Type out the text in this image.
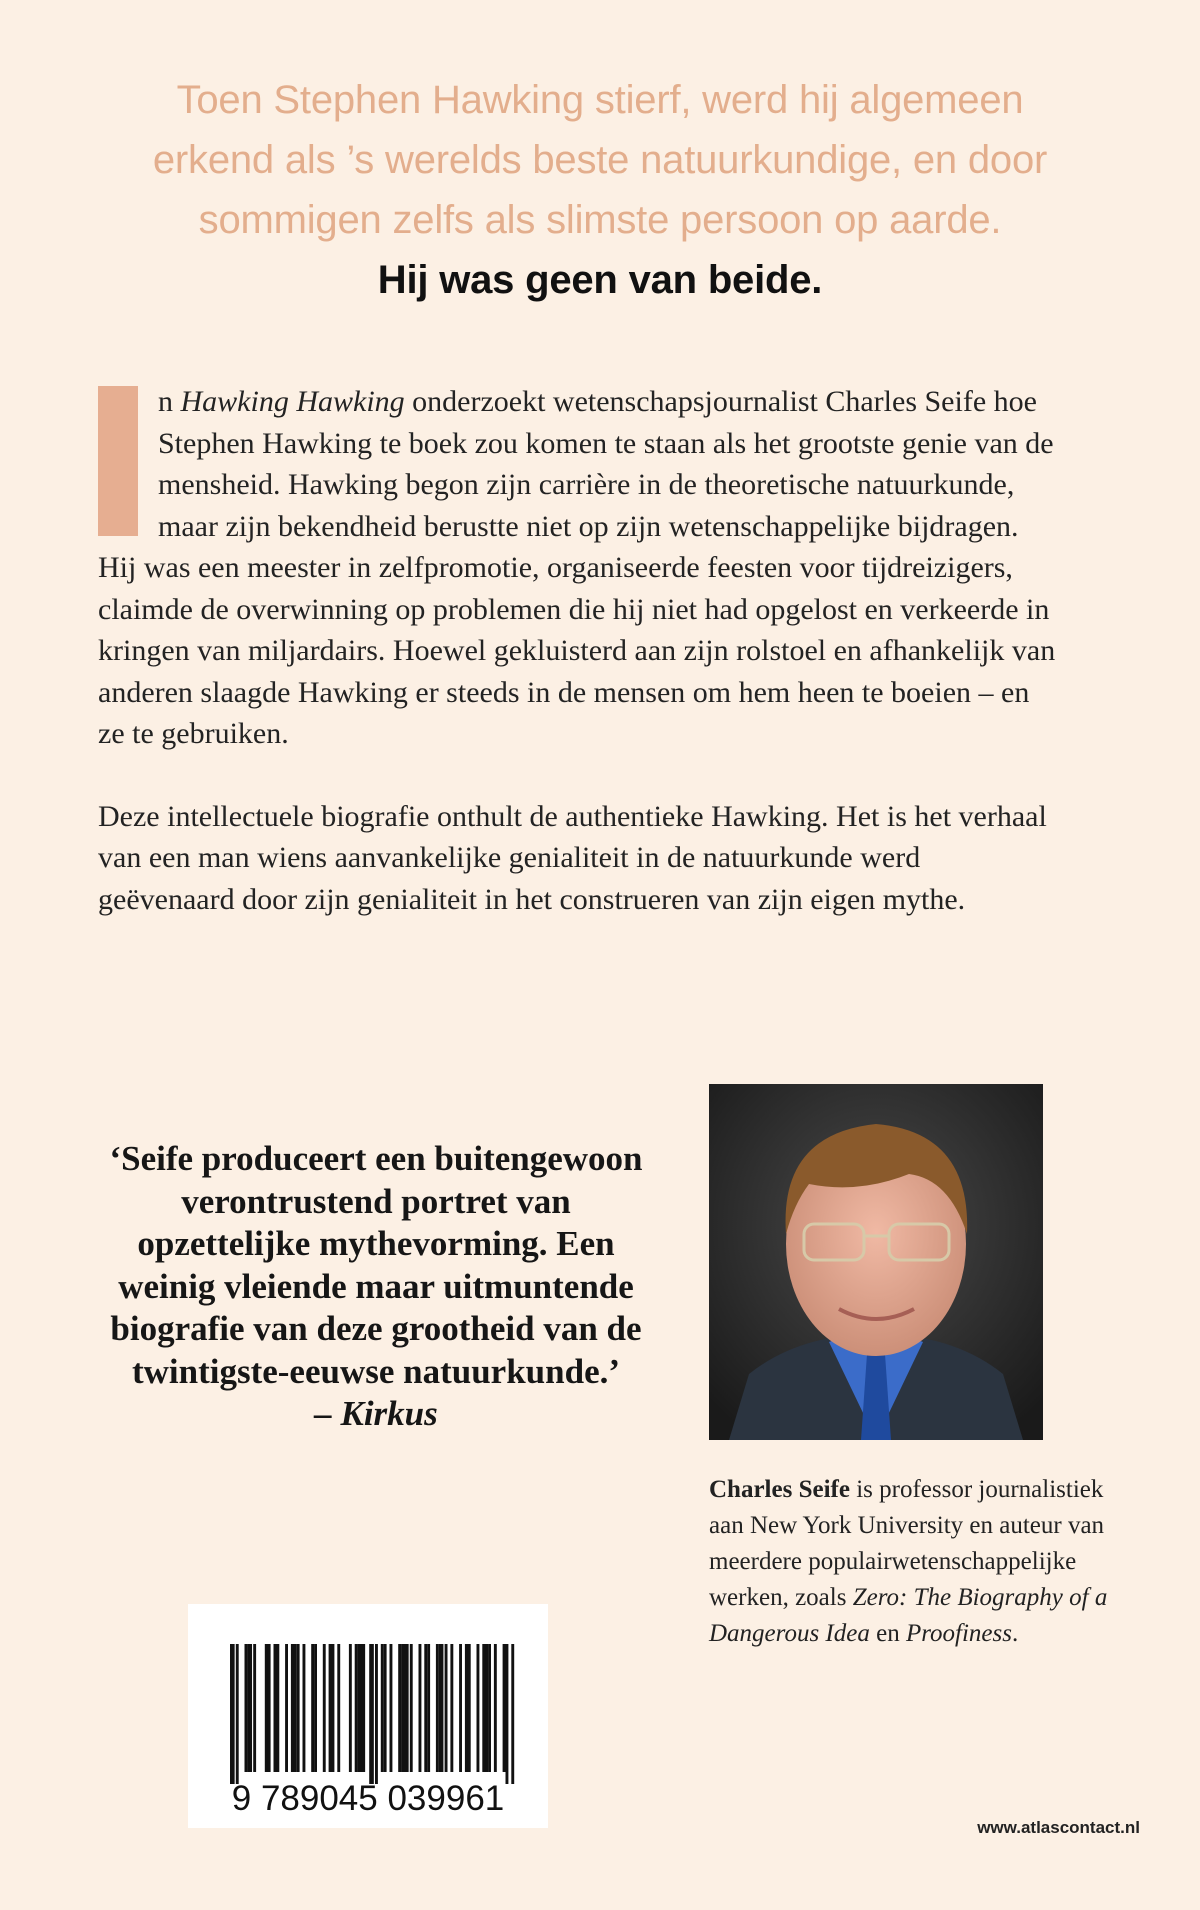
Toen Stephen Hawking stierf, werd hij algemeen
erkend als ’s werelds beste natuurkundige, en door
sommigen zelfs als slimste persoon op aarde.
Hij was geen van beide.

n Hawking Hawking onderzoekt wetenschapsjournalist Charles Seife hoe Stephen Hawking te boek zou komen te staan als het grootste genie van de mensheid. Hawking begon zijn carrière in de theoretische natuurkunde, maar zijn bekendheid berustte niet op zijn wetenschappelijke bijdragen. Hij was een meester in zelfpromotie, organiseerde feesten voor tijdreizigers, claimde de overwinning op problemen die hij niet had opgelost en verkeerde in kringen van miljardairs. Hoewel gekluisterd aan zijn rolstoel en afhankelijk van anderen slaagde Hawking er steeds in de mensen om hem heen te boeien – en ze te gebruiken.

Deze intellectuele biografie onthult de authentieke Hawking. Het is het verhaal van een man wiens aanvankelijke genialiteit in de natuurkunde werd geëvenaard door zijn genialiteit in het construeren van zijn eigen mythe.

‘Seife produceert een buitengewoon verontrustend portret van opzettelijke mythevorming. Een weinig vleiende maar uitmuntende biografie van deze grootheid van de twintigste-eeuwse natuurkunde.’
– Kirkus
Charles Seife is professor journalistiek aan New York University en auteur van meerdere populairwetenschappelijke werken, zoals Zero: The Biography of a Dangerous Idea en Proofiness.
9 789045 039961
www.atlascontact.nl
